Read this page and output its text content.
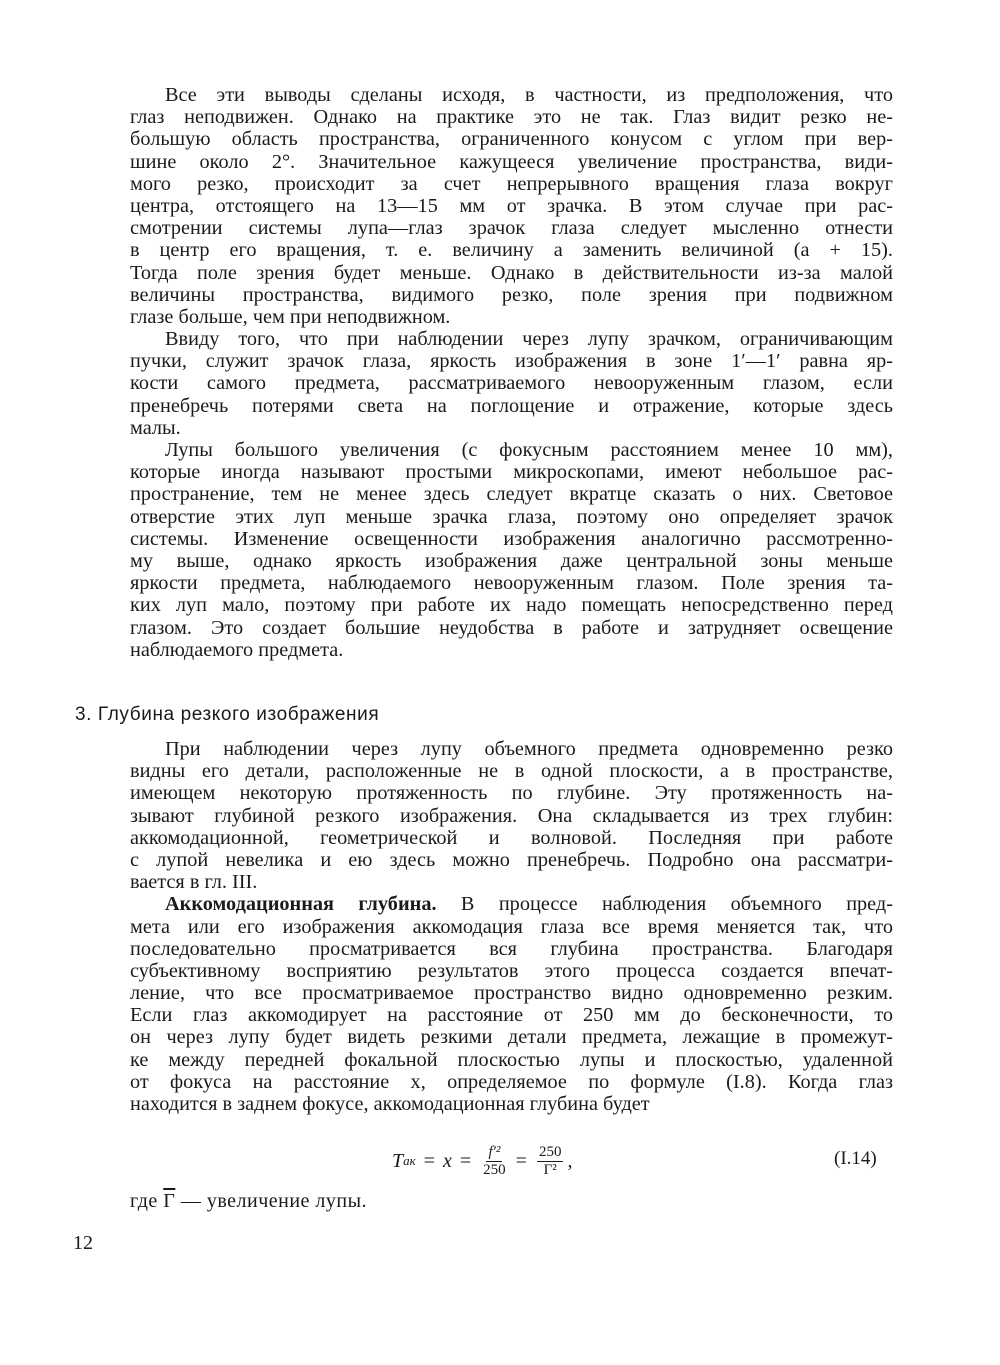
Все эти выводы сделаны исходя, в частности, из предположения, что
глаз неподвижен. Однако на практике это не так. Глаз видит резко не-
большую область пространства, ограниченного конусом с углом при вер-
шине около 2°. Значительное кажущееся увеличение пространства, види-
мого резко, происходит за счет непрерывного вращения глаза вокруг
центра, отстоящего на 13—15 мм от зрачка. В этом случае при рас-
смотрении системы лупа—глаз зрачок глаза следует мысленно отнести
в центр его вращения, т. е. величину a заменить величиной (a + 15).
Тогда поле зрения будет меньше. Однако в действительности из-за малой
величины пространства, видимого резко, поле зрения при подвижном
глазе больше, чем при неподвижном.
Ввиду того, что при наблюдении через лупу зрачком, ограничивающим
пучки, служит зрачок глаза, яркость изображения в зоне 1′—1′ равна яр-
кости самого предмета, рассматриваемого невооруженным глазом, если
пренебречь потерями света на поглощение и отражение, которые здесь
малы.
Лупы большого увеличения (с фокусным расстоянием менее 10 мм),
которые иногда называют простыми микроскопами, имеют небольшое рас-
пространение, тем не менее здесь следует вкратце сказать о них. Световое
отверстие этих луп меньше зрачка глаза, поэтому оно определяет зрачок
системы. Изменение освещенности изображения аналогично рассмотренно-
му выше, однако яркость изображения даже центральной зоны меньше
яркости предмета, наблюдаемого невооруженным глазом. Поле зрения та-
ких луп мало, поэтому при работе их надо помещать непосредственно перед
глазом. Это создает большие неудобства в работе и затрудняет освещение
наблюдаемого предмета.
3. Глубина резкого изображения
При наблюдении через лупу объемного предмета одновременно резко
видны его детали, расположенные не в одной плоскости, а в пространстве,
имеющем некоторую протяженность по глубине. Эту протяженность на-
зывают глубиной резкого изображения. Она складывается из трех глубин:
аккомодационной, геометрической и волновой. Последняя при работе
с лупой невелика и ею здесь можно пренебречь. Подробно она рассматри-
вается в гл. III.
Аккомодационная глубина. В процессе наблюдения объемного пред-
мета или его изображения аккомодация глаза все время меняется так, что
последовательно просматривается вся глубина пространства. Благодаря
субъективному восприятию результатов этого процесса создается впечат-
ление, что все просматриваемое пространство видно одновременно резким.
Если глаз аккомодирует на расстояние от 250 мм до бесконечности, то
он через лупу будет видеть резкими детали предмета, лежащие в промежут-
ке между передней фокальной плоскостью лупы и плоскостью, удаленной
от фокуса на расстояние x, определяемое по формуле (I.8). Когда глаз
находится в заднем фокусе, аккомодационная глубина будет
T ак = $x = \frac{\text{f′²}}{250} = \frac{250}{\text{Γ²}}$ ,	(I.14)
где $\overline{\Gamma}$ — увеличение лупы.
12
